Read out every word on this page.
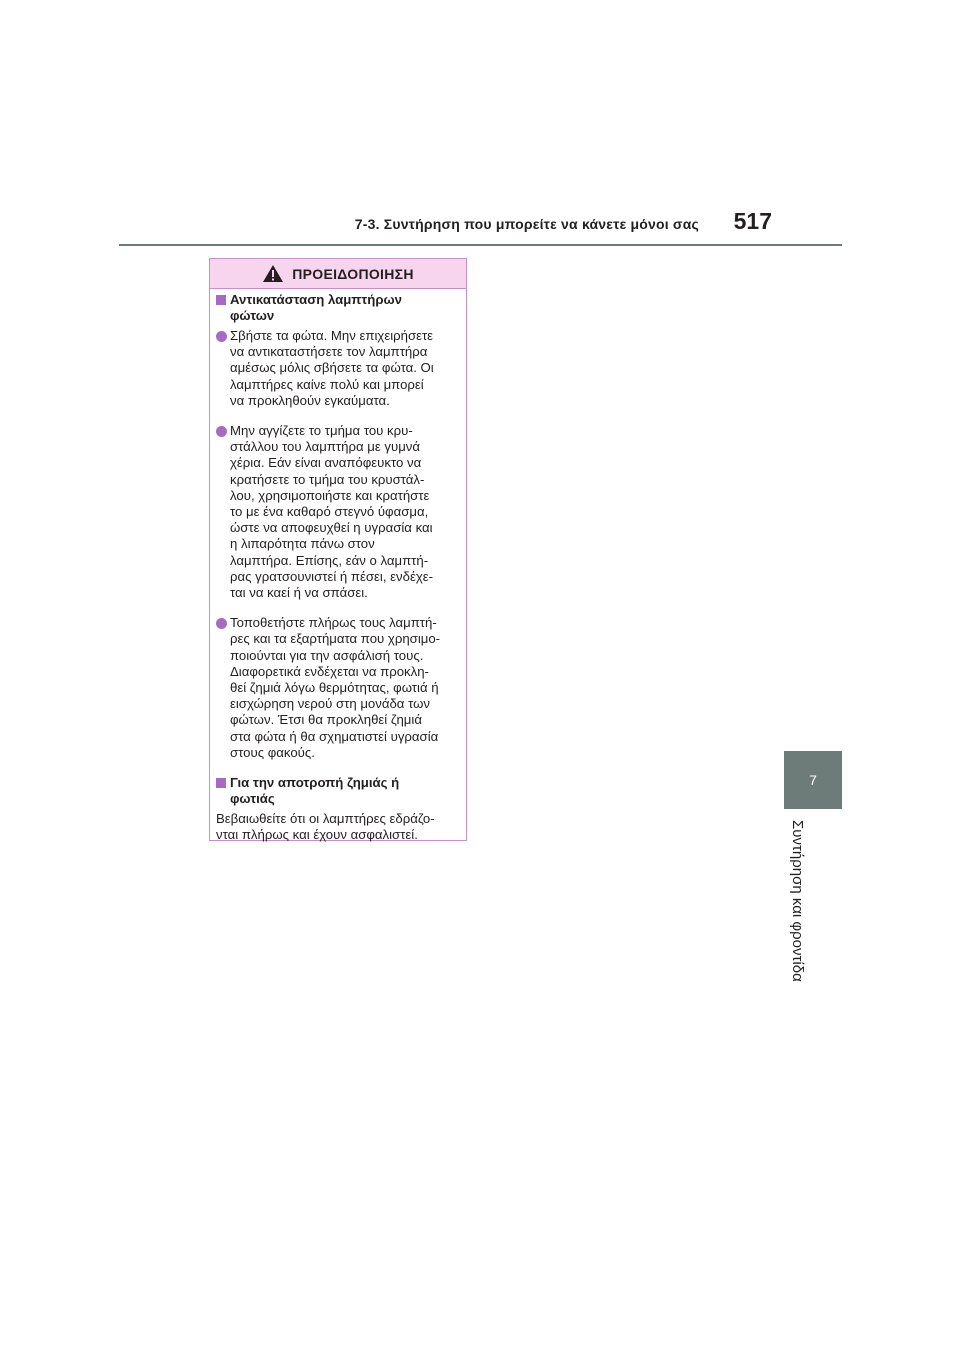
7-3. Συντήρηση που μπορείτε να κάνετε μόνοι σας 517
7
Συντήρηση και φροντίδα
ΠΡΟΕΙΔΟΠΟΙΗΣΗ
Αντικατάσταση λαμπτήρων
φώτων
Σβήστε τα φώτα. Μην επιχειρήσετε
να αντικαταστήσετε τον λαμπτήρα
αμέσως μόλις σβήσετε τα φώτα. Οι
λαμπτήρες καίνε πολύ και μπορεί
να προκληθούν εγκαύματα.
Μην αγγίζετε το τμήμα του κρυ-
στάλλου του λαμπτήρα με γυμνά
χέρια. Εάν είναι αναπόφευκτο να
κρατήσετε το τμήμα του κρυστάλ-
λου, χρησιμοποιήστε και κρατήστε
το με ένα καθαρό στεγνό ύφασμα,
ώστε να αποφευχθεί η υγρασία και
η λιπαρότητα πάνω στον
λαμπτήρα. Επίσης, εάν ο λαμπτή-
ρας γρατσουνιστεί ή πέσει, ενδέχε-
ται να καεί ή να σπάσει.
Τοποθετήστε πλήρως τους λαμπτή-
ρες και τα εξαρτήματα που χρησιμο-
ποιούνται για την ασφάλισή τους.
Διαφορετικά ενδέχεται να προκλη-
θεί ζημιά λόγω θερμότητας, φωτιά ή
εισχώρηση νερού στη μονάδα των
φώτων. Έτσι θα προκληθεί ζημιά
στα φώτα ή θα σχηματιστεί υγρασία
στους φακούς.
Για την αποτροπή ζημιάς ή
φωτιάς
Βεβαιωθείτε ότι οι λαμπτήρες εδράζο-
νται πλήρως και έχουν ασφαλιστεί.
